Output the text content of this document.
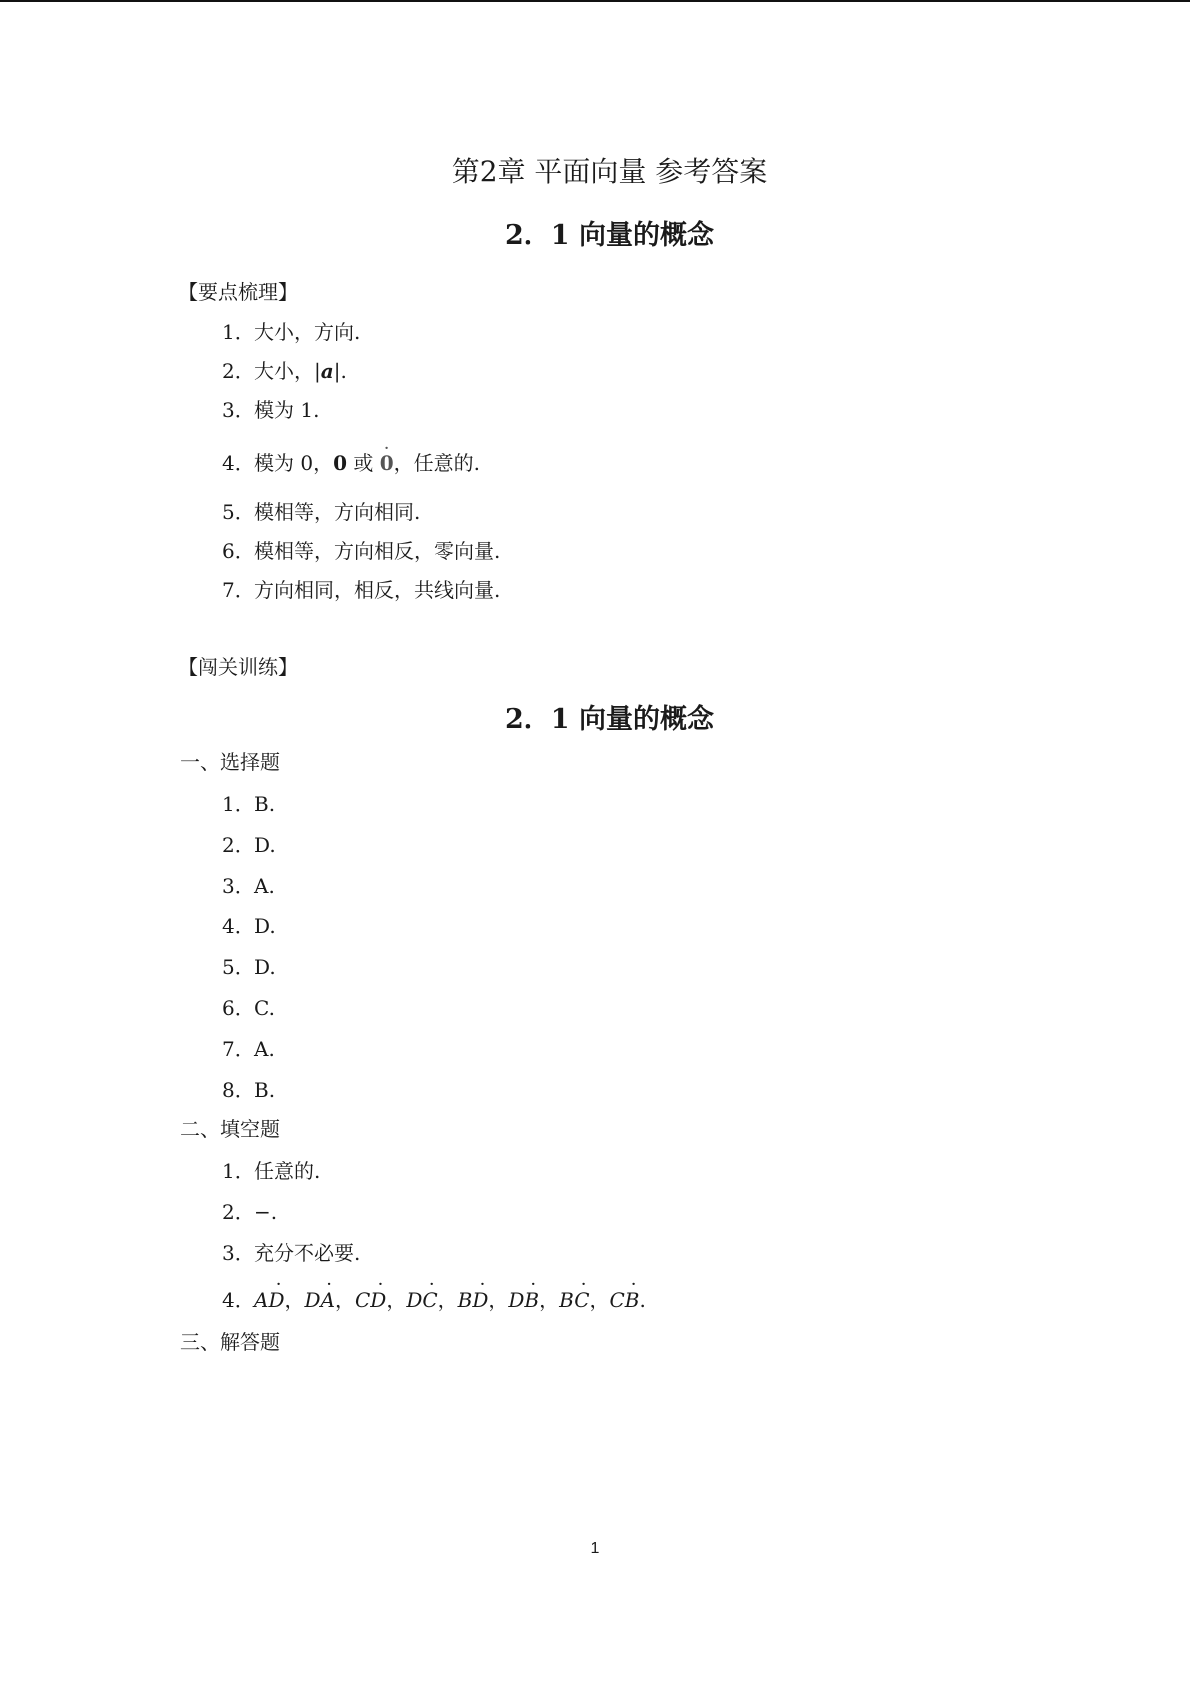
第2章 平面向量 参考答案
2．1 向量的概念
【要点梳理】
1．大小，方向.
2．大小，|a|.
3．模为 1.
4．模为 0，0 或 0 ·，任意的.
5．模相等，方向相同.
6．模相等，方向相反，零向量.
7．方向相同，相反，共线向量.
【闯关训练】
2．1 向量的概念
一、选择题
1．B.
2．D.
3．A.
4．D.
5．D.
6．C.
7．A.
8．B.
二、填空题
1．任意的.
2．−.
3．充分不必要.
4．AD ·，DA ·，CD ·，DC ·，BD ·，DB ·，BC ·，CB ·.
三、解答题
1
